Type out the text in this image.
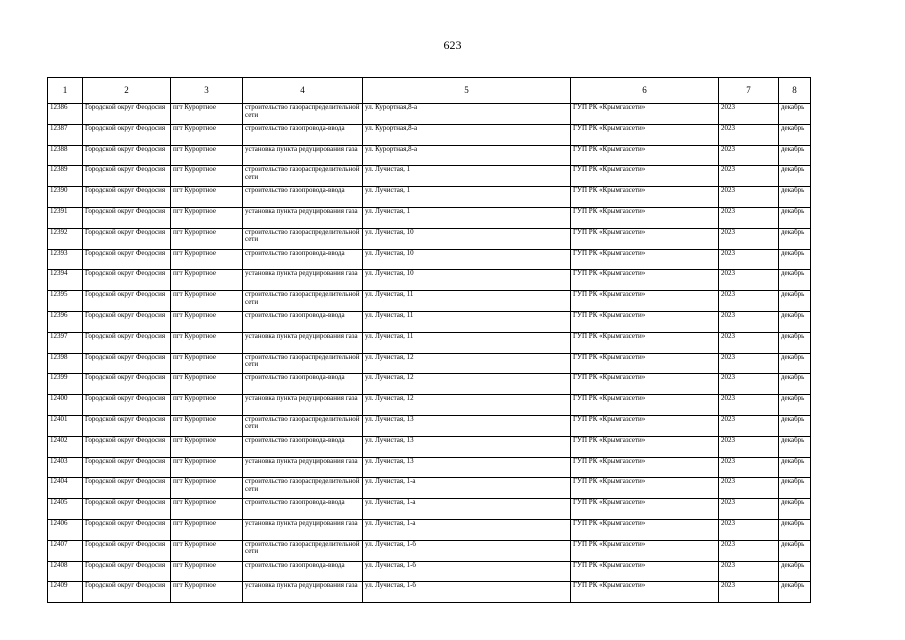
623
1	2	3	4	5	6	7	8
12386	Городской округ Феодосия	пгт Курортное	строительство газораспределительной сети	ул. Курортная,8-а	ГУП РК «Крымгазсети»	2023	декабрь
12387	Городской округ Феодосия	пгт Курортное	строительство газопровода-ввода	ул. Курортная,8-а	ГУП РК «Крымгазсети»	2023	декабрь
12388	Городской округ Феодосия	пгт Курортное	установка пункта редуцирования газа	ул. Курортная,8-а	ГУП РК «Крымгазсети»	2023	декабрь
12389	Городской округ Феодосия	пгт Курортное	строительство газораспределительной сети	ул. Лучистая, 1	ГУП РК «Крымгазсети»	2023	декабрь
12390	Городской округ Феодосия	пгт Курортное	строительство газопровода-ввода	ул. Лучистая, 1	ГУП РК «Крымгазсети»	2023	декабрь
12391	Городской округ Феодосия	пгт Курортное	установка пункта редуцирования газа	ул. Лучистая, 1	ГУП РК «Крымгазсети»	2023	декабрь
12392	Городской округ Феодосия	пгт Курортное	строительство газораспределительной сети	ул. Лучистая, 10	ГУП РК «Крымгазсети»	2023	декабрь
12393	Городской округ Феодосия	пгт Курортное	строительство газопровода-ввода	ул. Лучистая, 10	ГУП РК «Крымгазсети»	2023	декабрь
12394	Городской округ Феодосия	пгт Курортное	установка пункта редуцирования газа	ул. Лучистая, 10	ГУП РК «Крымгазсети»	2023	декабрь
12395	Городской округ Феодосия	пгт Курортное	строительство газораспределительной сети	ул. Лучистая, 11	ГУП РК «Крымгазсети»	2023	декабрь
12396	Городской округ Феодосия	пгт Курортное	строительство газопровода-ввода	ул. Лучистая, 11	ГУП РК «Крымгазсети»	2023	декабрь
12397	Городской округ Феодосия	пгт Курортное	установка пункта редуцирования газа	ул. Лучистая, 11	ГУП РК «Крымгазсети»	2023	декабрь
12398	Городской округ Феодосия	пгт Курортное	строительство газораспределительной сети	ул. Лучистая, 12	ГУП РК «Крымгазсети»	2023	декабрь
12399	Городской округ Феодосия	пгт Курортное	строительство газопровода-ввода	ул. Лучистая, 12	ГУП РК «Крымгазсети»	2023	декабрь
12400	Городской округ Феодосия	пгт Курортное	установка пункта редуцирования газа	ул. Лучистая, 12	ГУП РК «Крымгазсети»	2023	декабрь
12401	Городской округ Феодосия	пгт Курортное	строительство газораспределительной сети	ул. Лучистая, 13	ГУП РК «Крымгазсети»	2023	декабрь
12402	Городской округ Феодосия	пгт Курортное	строительство газопровода-ввода	ул. Лучистая, 13	ГУП РК «Крымгазсети»	2023	декабрь
12403	Городской округ Феодосия	пгт Курортное	установка пункта редуцирования газа	ул. Лучистая, 13	ГУП РК «Крымгазсети»	2023	декабрь
12404	Городской округ Феодосия	пгт Курортное	строительство газораспределительной сети	ул. Лучистая, 1-а	ГУП РК «Крымгазсети»	2023	декабрь
12405	Городской округ Феодосия	пгт Курортное	строительство газопровода-ввода	ул. Лучистая, 1-а	ГУП РК «Крымгазсети»	2023	декабрь
12406	Городской округ Феодосия	пгт Курортное	установка пункта редуцирования газа	ул. Лучистая, 1-а	ГУП РК «Крымгазсети»	2023	декабрь
12407	Городской округ Феодосия	пгт Курортное	строительство газораспределительной сети	ул. Лучистая, 1-б	ГУП РК «Крымгазсети»	2023	декабрь
12408	Городской округ Феодосия	пгт Курортное	строительство газопровода-ввода	ул. Лучистая, 1-б	ГУП РК «Крымгазсети»	2023	декабрь
12409	Городской округ Феодосия	пгт Курортное	установка пункта редуцирования газа	ул. Лучистая, 1-б	ГУП РК «Крымгазсети»	2023	декабрь
